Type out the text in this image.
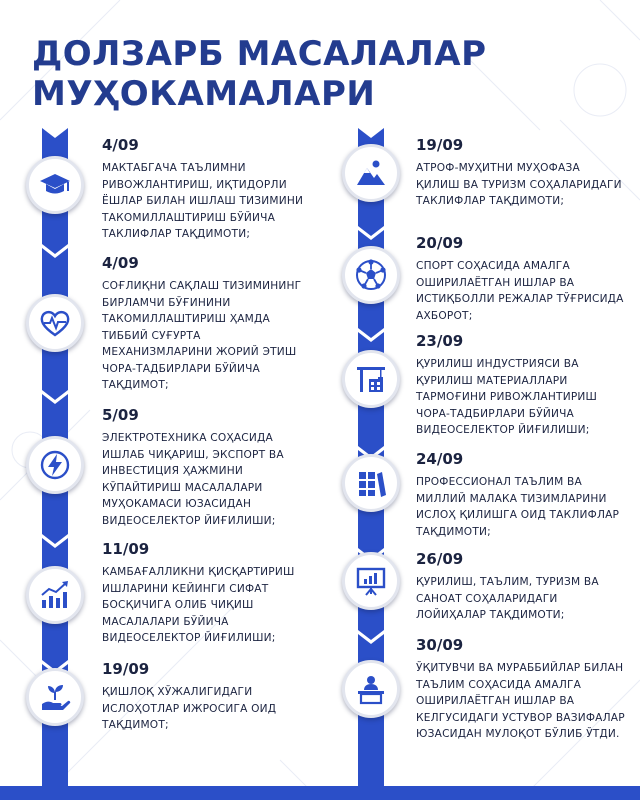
ДОЛЗАРБ МАСАЛАЛАР
МУҲОКАМАЛАРИ

4/09

МАКТАБГАЧА ТАЪЛИМНИ РИВОЖЛАНТИРИШ, ИҚТИДОРЛИ ЁШЛАР БИЛАН ИШЛАШ ТИЗИМИНИ ТАКОМИЛЛАШТИРИШ БЎЙИЧА ТАКЛИФЛАР ТАҚДИМОТИ;

4/09

СОҒЛИҚНИ САҚЛАШ ТИЗИМИНИНГ БИРЛАМЧИ БЎҒИНИНИ ТАКОМИЛЛАШТИРИШ ҲАМДА ТИББИЙ СУҒУРТА МЕХАНИЗМЛАРИНИ ЖОРИЙ ЭТИШ ЧОРА-ТАДБИРЛАРИ БЎЙИЧА ТАҚДИМОТ;

5/09

ЭЛЕКТРОТЕХНИКА СОҲАСИДА ИШЛАБ ЧИҚАРИШ, ЭКСПОРТ ВА ИНВЕСТИЦИЯ ҲАЖМИНИ КЎПАЙТИРИШ МАСАЛАЛАРИ МУҲОКАМАСИ ЮЗАСИДАН ВИДЕОСЕЛЕКТОР ЙИҒИЛИШИ;

11/09

КАМБАҒАЛЛИКНИ ҚИСҚАРТИРИШ ИШЛАРИНИ КЕЙИНГИ СИФАТ БОСҚИЧИГА ОЛИБ ЧИҚИШ МАСАЛАЛАРИ БЎЙИЧА ВИДЕОСЕЛЕКТОР ЙИҒИЛИШИ;

19/09

ҚИШЛОҚ ХЎЖАЛИГИДАГИ ИСЛОҲОТЛАР ИЖРОСИГА ОИД ТАҚДИМОТ;

19/09

АТРОФ-МУҲИТНИ МУҲОФАЗА ҚИЛИШ ВА ТУРИЗМ СОҲАЛАРИДАГИ ТАКЛИФЛАР ТАҚДИМОТИ;

20/09

СПОРТ СОҲАСИДА АМАЛГА ОШИРИЛАЁТГАН ИШЛАР ВА ИСТИҚБОЛЛИ РЕЖАЛАР ТЎҒРИСИДА АХБОРОТ;

23/09

ҚУРИЛИШ ИНДУСТРИЯСИ ВА ҚУРИЛИШ МАТЕРИАЛЛАРИ ТАРМОҒИНИ РИВОЖЛАНТИРИШ ЧОРА-ТАДБИРЛАРИ БЎЙИЧА ВИДЕОСЕЛЕКТОР ЙИҒИЛИШИ;

24/09

ПРОФЕССИОНАЛ ТАЪЛИМ ВА МИЛЛИЙ МАЛАКА ТИЗИМЛАРИНИ ИСЛОҲ ҚИЛИШГА ОИД ТАКЛИФЛАР ТАҚДИМОТИ;

26/09

ҚУРИЛИШ, ТАЪЛИМ, ТУРИЗМ ВА САНОАТ СОҲАЛАРИДАГИ ЛОЙИҲАЛАР ТАҚДИМОТИ;

30/09

ЎҚИТУВЧИ ВА МУРАББИЙЛАР БИЛАН ТАЪЛИМ СОҲАСИДА АМАЛГА ОШИРИЛАЁТГАН ИШЛАР ВА КЕЛГУСИДАГИ УСТУВОР ВАЗИФАЛАР ЮЗАСИДАН МУЛОҚОТ БЎЛИБ ЎТДИ.
